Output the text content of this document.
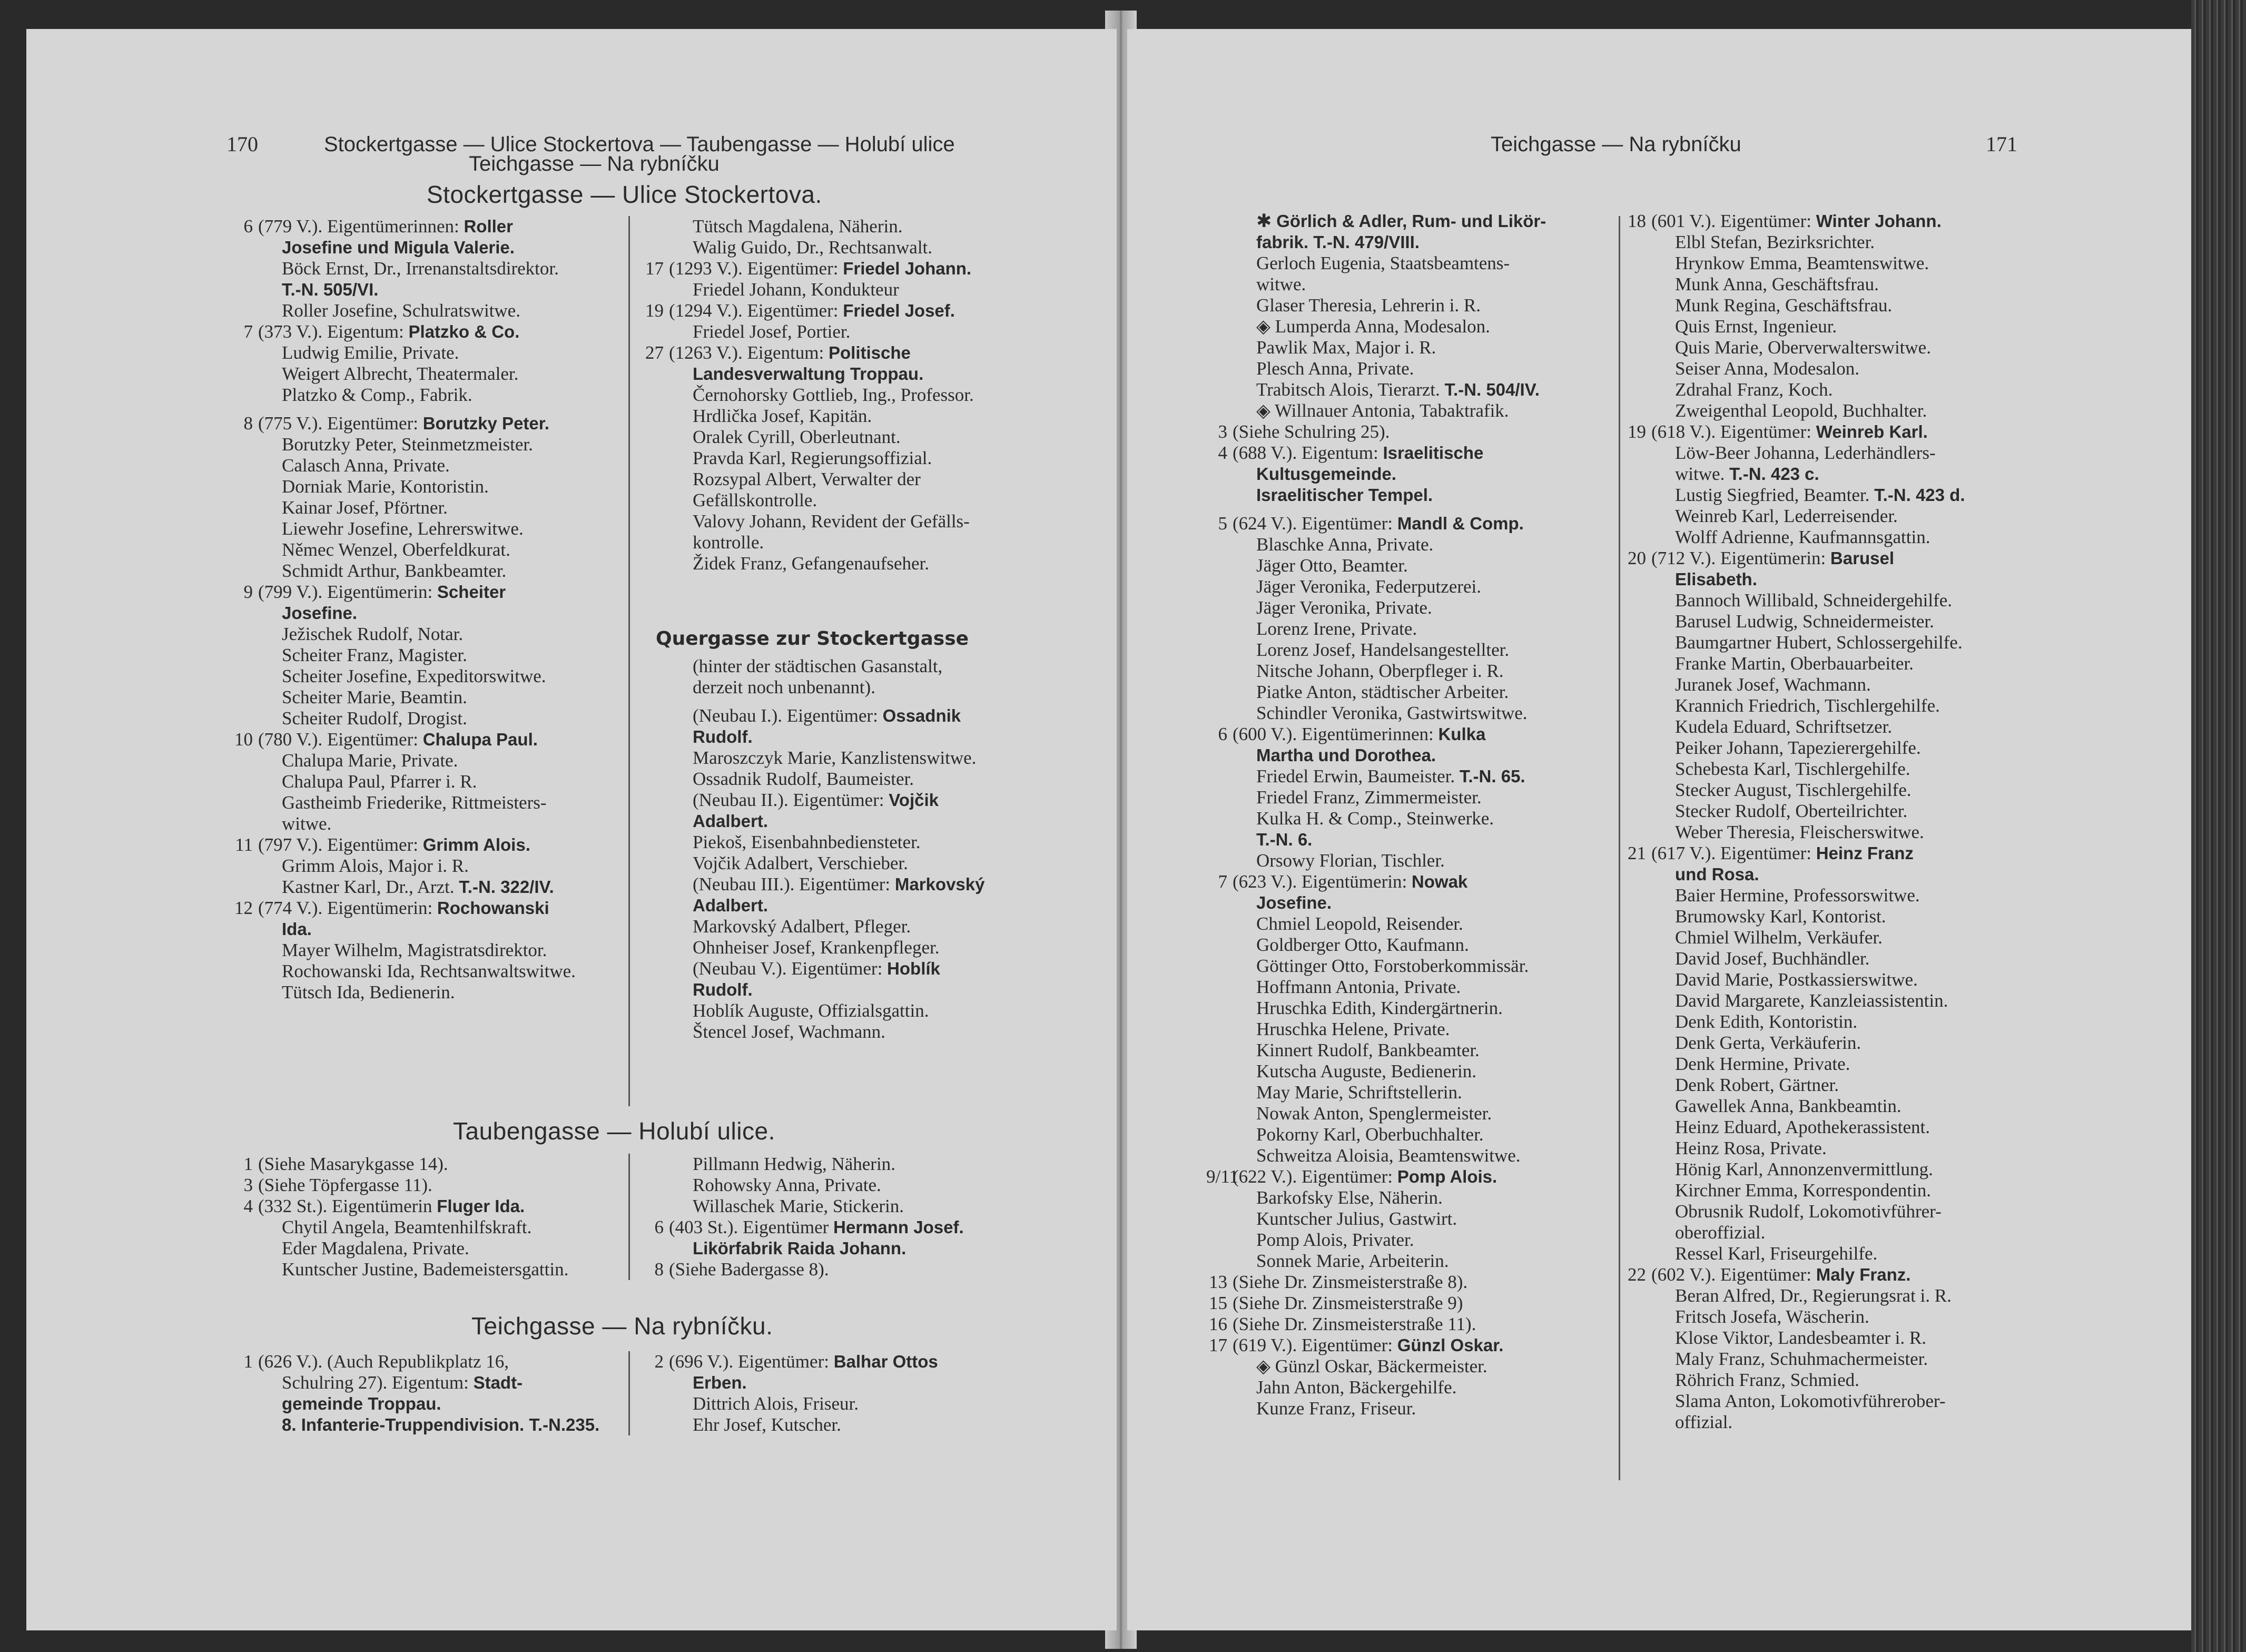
170	Stockertgasse — Ulice Stockertova — Taubengasse — Holubí ulice
Teichgasse — Na rybníčku
Stockertgasse — Ulice Stockertova.
6 (779 V.). Eigentümerinnen: Roller
Josefine und Migula Valerie.
Böck Ernst, Dr., Irrenanstaltsdirektor.
T.-N. 505/VI.
Roller Josefine, Schulratswitwe.
7 (373 V.). Eigentum: Platzko & Co.
Ludwig Emilie, Private.
Weigert Albrecht, Theatermaler.
Platzko & Comp., Fabrik.
8 (775 V.). Eigentümer: Borutzky Peter.
Borutzky Peter, Steinmetzmeister.
Calasch Anna, Private.
Dorniak Marie, Kontoristin.
Kainar Josef, Pförtner.
Liewehr Josefine, Lehrerswitwe.
Němec Wenzel, Oberfeldkurat.
Schmidt Arthur, Bankbeamter.
9 (799 V.). Eigentümerin: Scheiter
Josefine.
Ježischek Rudolf, Notar.
Scheiter Franz, Magister.
Scheiter Josefine, Expeditorswitwe.
Scheiter Marie, Beamtin.
Scheiter Rudolf, Drogist.
10 (780 V.). Eigentümer: Chalupa Paul.
Chalupa Marie, Private.
Chalupa Paul, Pfarrer i. R.
Gastheimb Friederike, Rittmeisters-
witwe.
11 (797 V.). Eigentümer: Grimm Alois.
Grimm Alois, Major i. R.
Kastner Karl, Dr., Arzt. T.-N. 322/IV.
12 (774 V.). Eigentümerin: Rochowanski
Ida.
Mayer Wilhelm, Magistratsdirektor.
Rochowanski Ida, Rechtsanwaltswitwe.
Tütsch Ida, Bedienerin.
Tütsch Magdalena, Näherin.
Walig Guido, Dr., Rechtsanwalt.
17 (1293 V.). Eigentümer: Friedel Johann.
Friedel Johann, Kondukteur
19 (1294 V.). Eigentümer: Friedel Josef.
Friedel Josef, Portier.
27 (1263 V.). Eigentum: Politische
Landesverwaltung Troppau.
Černohorsky Gottlieb, Ing., Professor.
Hrdlička Josef, Kapitän.
Oralek Cyrill, Oberleutnant.
Pravda Karl, Regierungsoffizial.
Rozsypal Albert, Verwalter der
Gefällskontrolle.
Valovy Johann, Revident der Gefälls-
kontrolle.
Židek Franz, Gefangenaufseher.
Quergasse zur Stockertgasse
(hinter der städtischen Gasanstalt,
derzeit noch unbenannt).
(Neubau I.). Eigentümer: Ossadnik
Rudolf.
Maroszczyk Marie, Kanzlistenswitwe.
Ossadnik Rudolf, Baumeister.
(Neubau II.). Eigentümer: Vojčik
Adalbert.
Piekoš, Eisenbahnbediensteter.
Vojčik Adalbert, Verschieber.
(Neubau III.). Eigentümer: Markovský
Adalbert.
Markovský Adalbert, Pfleger.
Ohnheiser Josef, Krankenpfleger.
(Neubau V.). Eigentümer: Hoblík
Rudolf.
Hoblík Auguste, Offizialsgattin.
Štencel Josef, Wachmann.
Taubengasse — Holubí ulice.
1 (Siehe Masarykgasse 14).
3 (Siehe Töpfergasse 11).
4 (332 St.). Eigentümerin Fluger Ida.
Chytil Angela, Beamtenhilfskraft.
Eder Magdalena, Private.
Kuntscher Justine, Bademeistersgattin.
Pillmann Hedwig, Näherin.
Rohowsky Anna, Private.
Willaschek Marie, Stickerin.
6 (403 St.). Eigentümer Hermann Josef.
Likörfabrik Raida Johann.
8 (Siehe Badergasse 8).
Teichgasse — Na rybníčku.
1 (626 V.). (Auch Republikplatz 16,
Schulring 27). Eigentum: Stadt-
gemeinde Troppau.
8. Infanterie-Truppendivision. T.-N.235.
2 (696 V.). Eigentümer: Balhar Ottos
Erben.
Dittrich Alois, Friseur.
Ehr Josef, Kutscher.
Teichgasse — Na rybníčku	171
✱ Görlich & Adler, Rum- und Likör-
fabrik. T.-N. 479/VIII.
Gerloch Eugenia, Staatsbeamtens-
witwe.
Glaser Theresia, Lehrerin i. R.
◈ Lumperda Anna, Modesalon.
Pawlik Max, Major i. R.
Plesch Anna, Private.
Trabitsch Alois, Tierarzt. T.-N. 504/IV.
◈ Willnauer Antonia, Tabaktrafik.
3 (Siehe Schulring 25).
4 (688 V.). Eigentum: Israelitische
Kultusgemeinde.
Israelitischer Tempel.
5 (624 V.). Eigentümer: Mandl & Comp.
Blaschke Anna, Private.
Jäger Otto, Beamter.
Jäger Veronika, Federputzerei.
Jäger Veronika, Private.
Lorenz Irene, Private.
Lorenz Josef, Handelsangestellter.
Nitsche Johann, Oberpfleger i. R.
Piatke Anton, städtischer Arbeiter.
Schindler Veronika, Gastwirtswitwe.
6 (600 V.). Eigentümerinnen: Kulka
Martha und Dorothea.
Friedel Erwin, Baumeister. T.-N. 65.
Friedel Franz, Zimmermeister.
Kulka H. & Comp., Steinwerke.
T.-N. 6.
Orsowy Florian, Tischler.
7 (623 V.). Eigentümerin: Nowak
Josefine.
Chmiel Leopold, Reisender.
Goldberger Otto, Kaufmann.
Göttinger Otto, Forstoberkommissär.
Hoffmann Antonia, Private.
Hruschka Edith, Kindergärtnerin.
Hruschka Helene, Private.
Kinnert Rudolf, Bankbeamter.
Kutscha Auguste, Bedienerin.
May Marie, Schriftstellerin.
Nowak Anton, Spenglermeister.
Pokorny Karl, Oberbuchhalter.
Schweitza Aloisia, Beamtenswitwe.
9/11
(622 V.). Eigentümer: Pomp Alois.
Barkofsky Else, Näherin.
Kuntscher Julius, Gastwirt.
Pomp Alois, Privater.
Sonnek Marie, Arbeiterin.
13 (Siehe Dr. Zinsmeisterstraße 8).
15 (Siehe Dr. Zinsmeisterstraße 9)
16 (Siehe Dr. Zinsmeisterstraße 11).
17 (619 V.). Eigentümer: Günzl Oskar.
◈ Günzl Oskar, Bäckermeister.
Jahn Anton, Bäckergehilfe.
Kunze Franz, Friseur.
18 (601 V.). Eigentümer: Winter Johann.
Elbl Stefan, Bezirksrichter.
Hrynkow Emma, Beamtenswitwe.
Munk Anna, Geschäftsfrau.
Munk Regina, Geschäftsfrau.
Quis Ernst, Ingenieur.
Quis Marie, Oberverwalterswitwe.
Seiser Anna, Modesalon.
Zdrahal Franz, Koch.
Zweigenthal Leopold, Buchhalter.
19 (618 V.). Eigentümer: Weinreb Karl.
Löw-Beer Johanna, Lederhändlers-
witwe. T.-N. 423 c.
Lustig Siegfried, Beamter. T.-N. 423 d.
Weinreb Karl, Lederreisender.
Wolff Adrienne, Kaufmannsgattin.
20 (712 V.). Eigentümerin: Barusel
Elisabeth.
Bannoch Willibald, Schneidergehilfe.
Barusel Ludwig, Schneidermeister.
Baumgartner Hubert, Schlossergehilfe.
Franke Martin, Oberbauarbeiter.
Juranek Josef, Wachmann.
Krannich Friedrich, Tischlergehilfe.
Kudela Eduard, Schriftsetzer.
Peiker Johann, Tapezierergehilfe.
Schebesta Karl, Tischlergehilfe.
Stecker August, Tischlergehilfe.
Stecker Rudolf, Oberteilrichter.
Weber Theresia, Fleischerswitwe.
21 (617 V.). Eigentümer: Heinz Franz
und Rosa.
Baier Hermine, Professorswitwe.
Brumowsky Karl, Kontorist.
Chmiel Wilhelm, Verkäufer.
David Josef, Buchhändler.
David Marie, Postkassierswitwe.
David Margarete, Kanzleiassistentin.
Denk Edith, Kontoristin.
Denk Gerta, Verkäuferin.
Denk Hermine, Private.
Denk Robert, Gärtner.
Gawellek Anna, Bankbeamtin.
Heinz Eduard, Apothekerassistent.
Heinz Rosa, Private.
Hönig Karl, Annonzenvermittlung.
Kirchner Emma, Korrespondentin.
Obrusnik Rudolf, Lokomotivführer-
oberoffizial.
Ressel Karl, Friseurgehilfe.
22 (602 V.). Eigentümer: Maly Franz.
Beran Alfred, Dr., Regierungsrat i. R.
Fritsch Josefa, Wäscherin.
Klose Viktor, Landesbeamter i. R.
Maly Franz, Schuhmachermeister.
Röhrich Franz, Schmied.
Slama Anton, Lokomotivführerober-
offizial.
